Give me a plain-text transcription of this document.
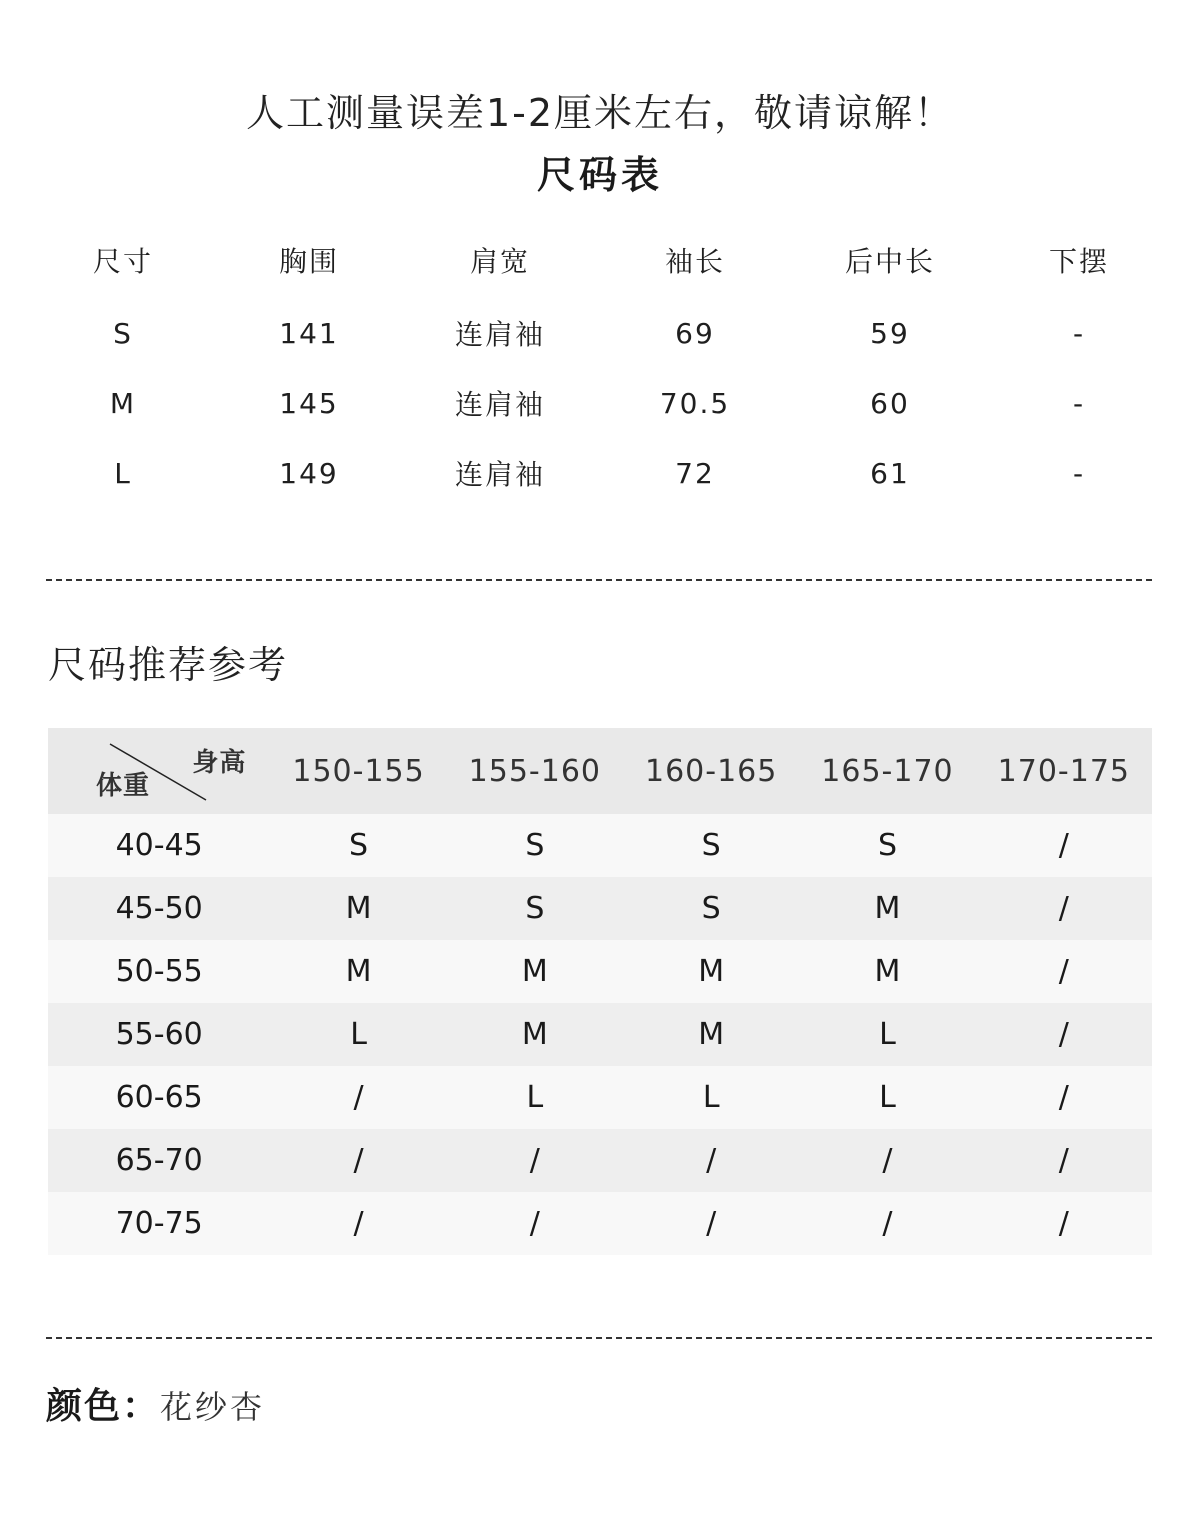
人工测量误差1-2厘米左右，敬请谅解！
尺码表
尺寸	胸围	肩宽	袖长	后中长	下摆
S	141	连肩袖	69	59	-
M	145	连肩袖	70.5	60	-
L	149	连肩袖	72	61	-
尺码推荐参考
身高
体重	150-155	155-160	160-165	165-170	170-175
40-45	S	S	S	S	/
45-50	M	S	S	M	/
50-55	M	M	M	M	/
55-60	L	M	M	L	/
60-65	/	L	L	L	/
65-70	/	/	/	/	/
70-75	/	/	/	/	/
颜色：花纱杏
